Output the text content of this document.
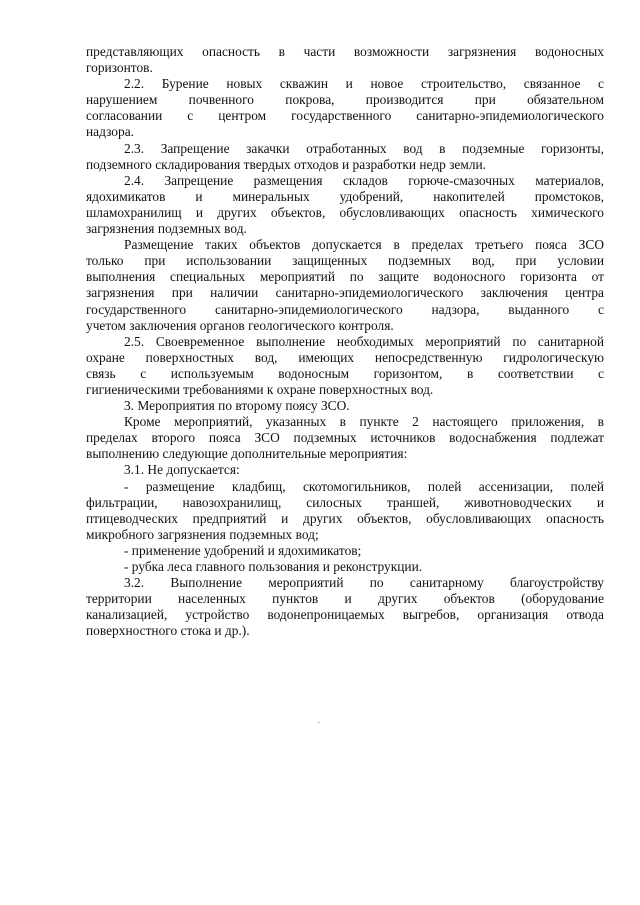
представляющих опасность в части возможности загрязнения водоносных
горизонтов.
2.2. Бурение новых скважин и новое строительство, связанное с
нарушением почвенного покрова, производится при обязательном
согласовании с центром государственного санитарно-эпидемиологического
надзора.
2.3. Запрещение закачки отработанных вод в подземные горизонты,
подземного складирования твердых отходов и разработки недр земли.
2.4. Запрещение размещения складов горюче-смазочных материалов,
ядохимикатов и минеральных удобрений, накопителей промстоков,
шламохранилищ и других объектов, обусловливающих опасность химического
загрязнения подземных вод.
Размещение таких объектов допускается в пределах третьего пояса ЗСО
только при использовании защищенных подземных вод, при условии
выполнения специальных мероприятий по защите водоносного горизонта от
загрязнения при наличии санитарно-эпидемиологического заключения центра
государственного санитарно-эпидемиологического надзора, выданного с
учетом заключения органов геологического контроля.
2.5. Своевременное выполнение необходимых мероприятий по санитарной
охране поверхностных вод, имеющих непосредственную гидрологическую
связь с используемым водоносным горизонтом, в соответствии с
гигиеническими требованиями к охране поверхностных вод.
3. Мероприятия по второму поясу ЗСО.
Кроме мероприятий, указанных в пункте 2 настоящего приложения, в
пределах второго пояса ЗСО подземных источников водоснабжения подлежат
выполнению следующие дополнительные мероприятия:
3.1. Не допускается:
- размещение кладбищ, скотомогильников, полей ассенизации, полей
фильтрации, навозохранилищ, силосных траншей, животноводческих и
птицеводческих предприятий и других объектов, обусловливающих опасность
микробного загрязнения подземных вод;
- применение удобрений и ядохимикатов;
- рубка леса главного пользования и реконструкции.
3.2. Выполнение мероприятий по санитарному благоустройству
территории населенных пунктов и других объектов (оборудование
канализацией, устройство водонепроницаемых выгребов, организация отвода
поверхностного стока и др.).
